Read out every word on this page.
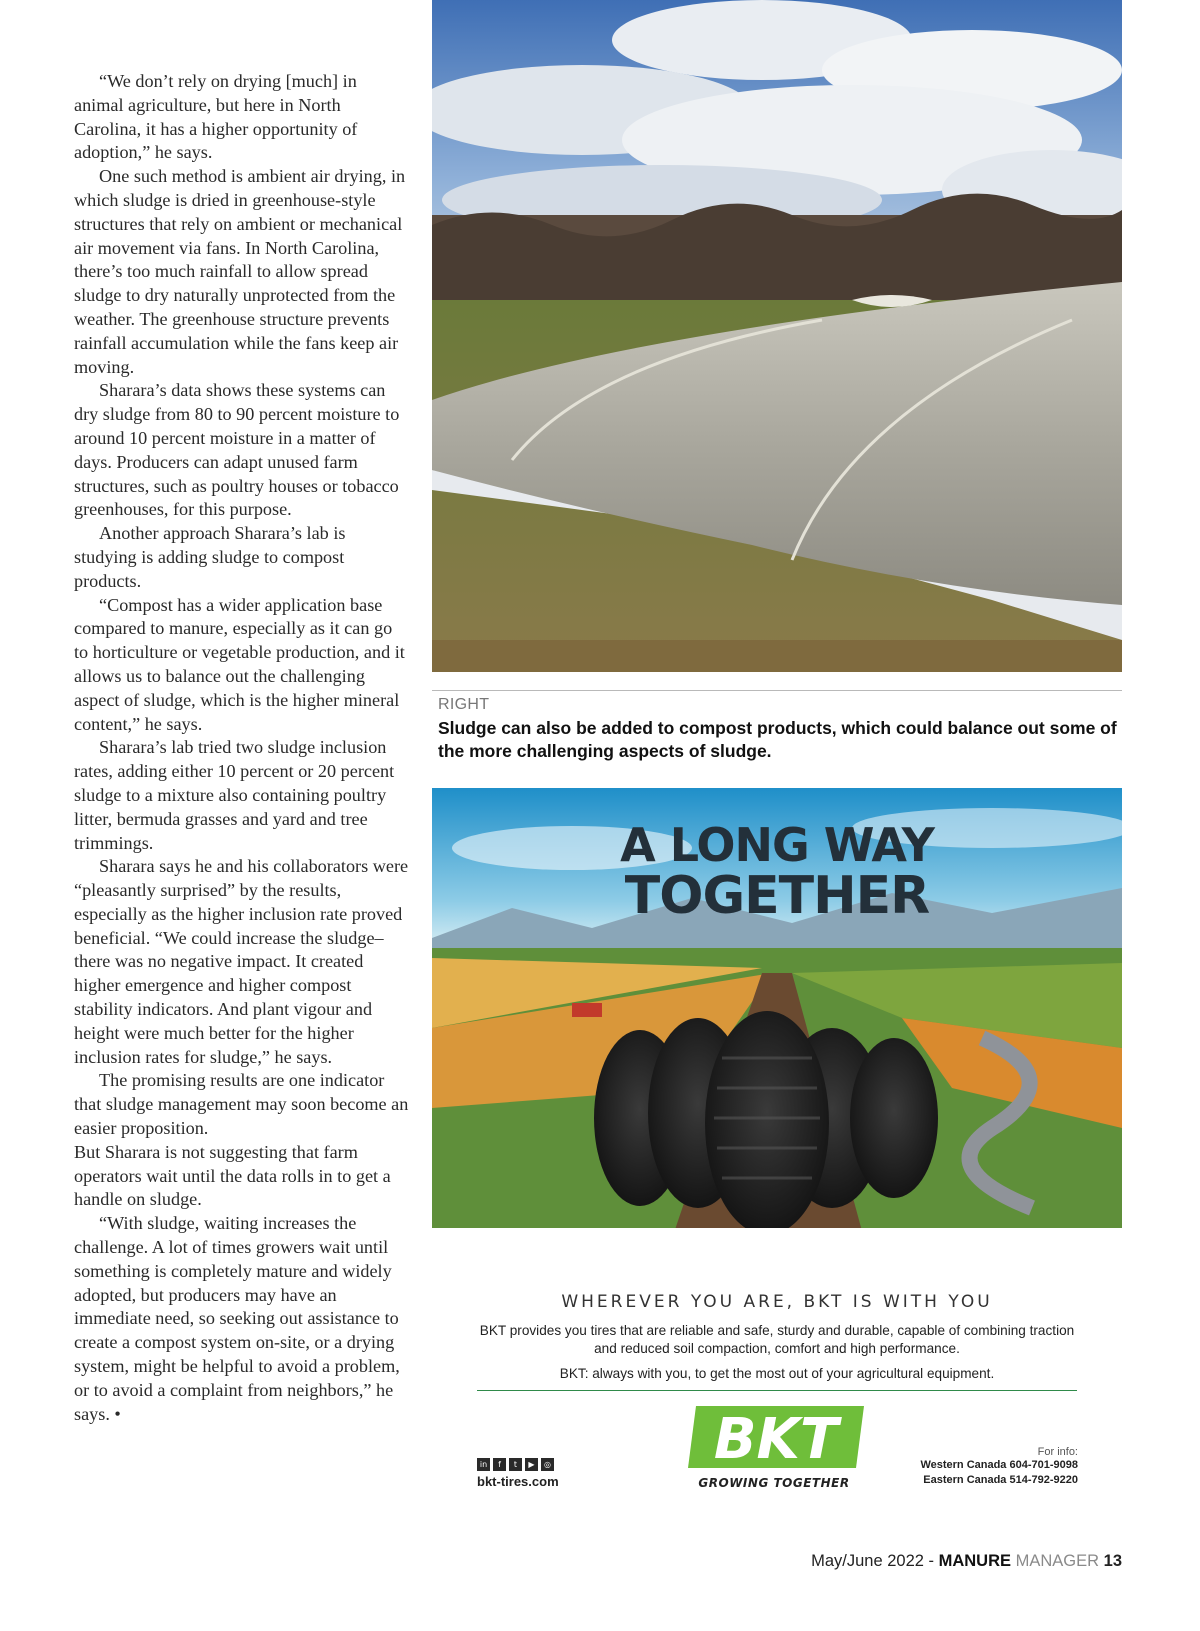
“We don’t rely on drying [much] in animal agriculture, but here in North Carolina, it has a higher opportunity of adoption,” he says.

One such method is ambient air drying, in which sludge is dried in greenhouse-style structures that rely on ambient or mechanical air movement via fans. In North Carolina, there’s too much rainfall to allow spread sludge to dry naturally unprotected from the weather. The greenhouse structure prevents rainfall accumulation while the fans keep air moving.

Sharara’s data shows these systems can dry sludge from 80 to 90 percent moisture to around 10 percent moisture in a matter of days. Producers can adapt unused farm structures, such as poultry houses or tobacco greenhouses, for this purpose.

Another approach Sharara’s lab is studying is adding sludge to compost products.

“Compost has a wider application base compared to manure, especially as it can go to horticulture or vegetable production, and it allows us to balance out the challenging aspect of sludge, which is the higher mineral content,” he says.

Sharara’s lab tried two sludge inclusion rates, adding either 10 percent or 20 percent sludge to a mixture also containing poultry litter, bermuda grasses and yard and tree trimmings.

Sharara says he and his collaborators were “pleasantly surprised” by the results, especially as the higher inclusion rate proved beneficial. “We could increase the sludge–there was no negative impact. It created higher emergence and higher compost stability indicators. And plant vigour and height were much better for the higher inclusion rates for sludge,” he says.

The promising results are one indicator that sludge management may soon become an easier proposition.

But Sharara is not suggesting that farm operators wait until the data rolls in to get a handle on sludge.

“With sludge, waiting increases the challenge. A lot of times growers wait until something is completely mature and widely adopted, but producers may have an immediate need, so seeking out assistance to create a compost system on-site, or a drying system, might be helpful to avoid a problem, or to avoid a complaint from neighbors,” he says. •

RIGHT
Sludge can also be added to compost products, which could balance out some of the more challenging aspects of sludge.
A LONG WAY
TOGETHER
WHEREVER YOU ARE, BKT IS WITH YOU
BKT provides you tires that are reliable and safe, sturdy and durable, capable of combining traction and reduced soil compaction, comfort and high performance.
BKT: always with you, to get the most out of your agricultural equipment.
in	f	t	▶	◎
bkt-tires.com
BKT
GROWING TOGETHER
For info:
Western Canada 604-701-9098
Eastern Canada 514-792-9220
May/June 2022 - MANURE MANAGER 13
